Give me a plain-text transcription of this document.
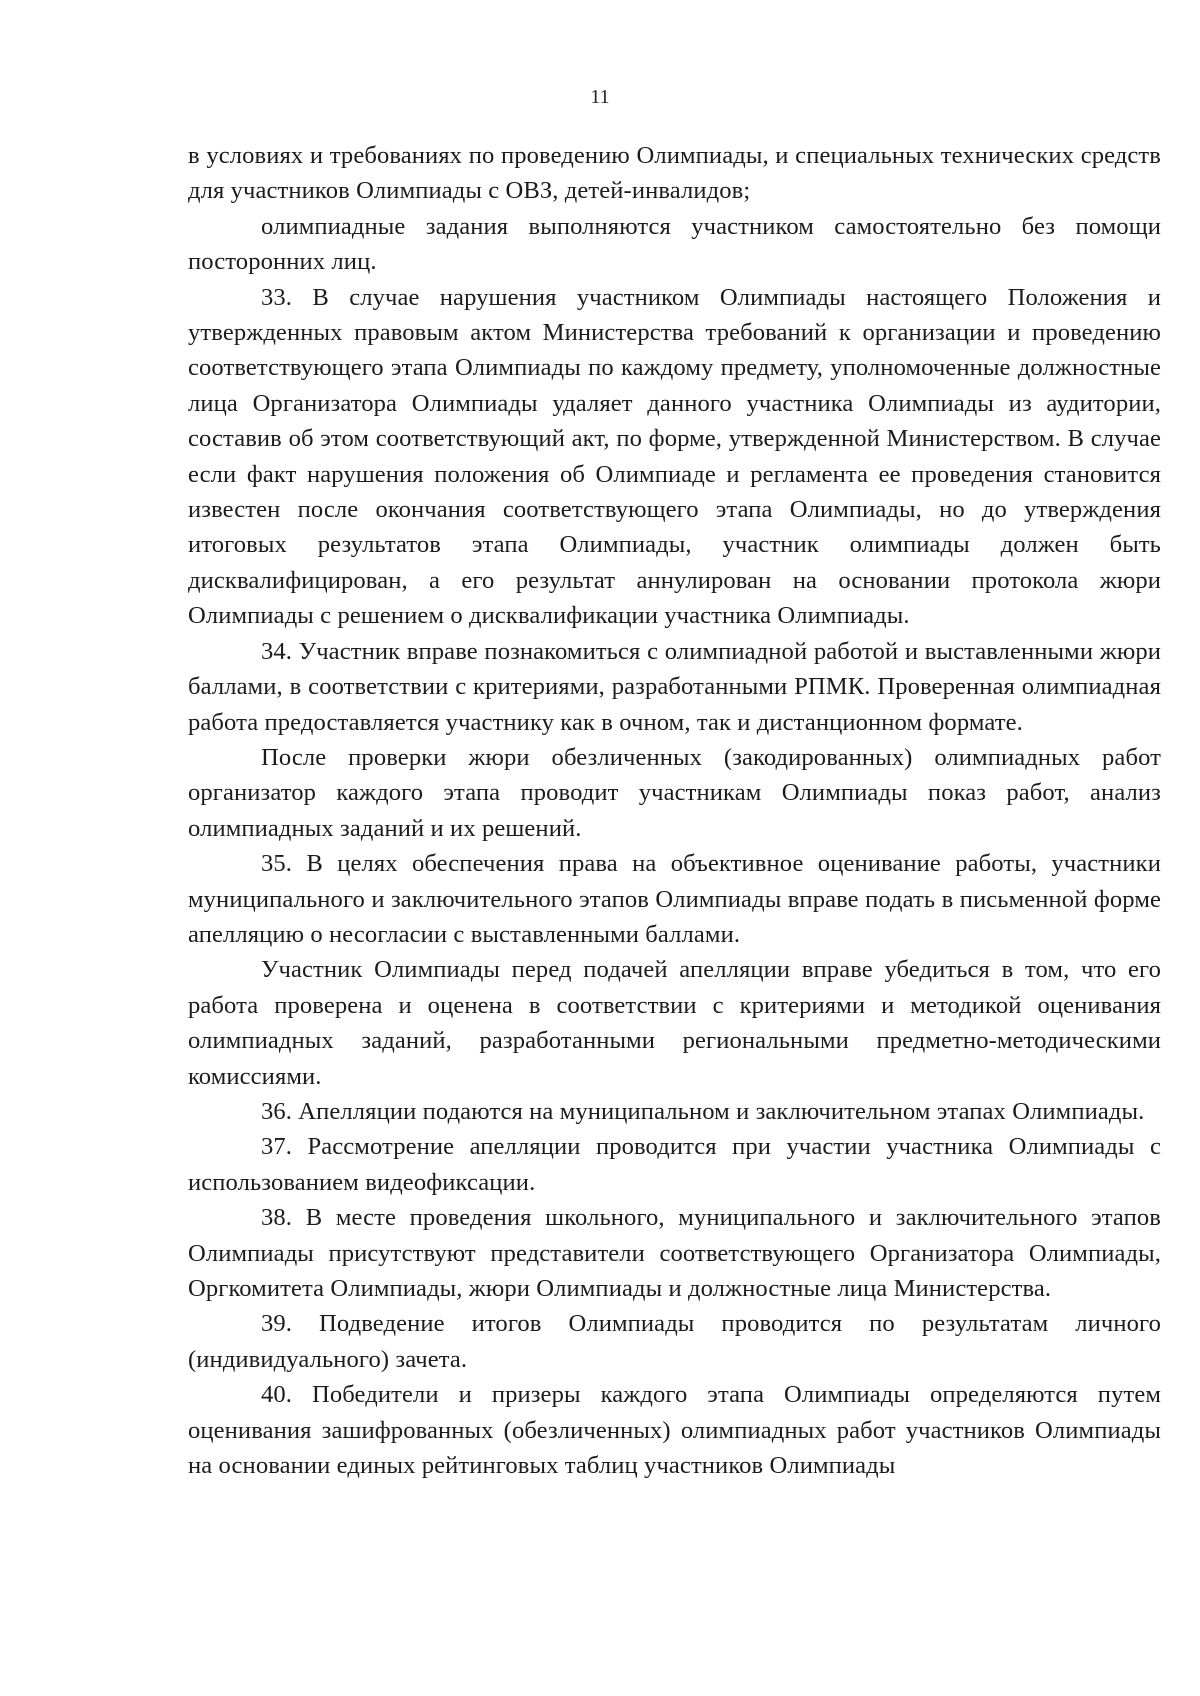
11

в условиях и требованиях по проведению Олимпиады, и специальных технических средств для участников Олимпиады с ОВЗ, детей-инвалидов;

олимпиадные задания выполняются участником самостоятельно без помощи посторонних лиц.

33. В случае нарушения участником Олимпиады настоящего Положения и утвержденных правовым актом Министерства требований к организации и проведению соответствующего этапа Олимпиады по каждому предмету, уполномоченные должностные лица Организатора Олимпиады удаляет данного участника Олимпиады из аудитории, составив об этом соответствующий акт, по форме, утвержденной Министерством. В случае если факт нарушения положения об Олимпиаде и регламента ее проведения становится известен после окончания соответствующего этапа Олимпиады, но до утверждения итоговых результатов этапа Олимпиады, участник олимпиады должен быть дисквалифицирован, а его результат аннулирован на основании протокола жюри Олимпиады с решением о дисквалификации участника Олимпиады.

34. Участник вправе познакомиться с олимпиадной работой и выставленными жюри баллами, в соответствии с критериями, разработанными РПМК. Проверенная олимпиадная работа предоставляется участнику как в очном, так и дистанционном формате.

После проверки жюри обезличенных (закодированных) олимпиадных работ организатор каждого этапа проводит участникам Олимпиады показ работ, анализ олимпиадных заданий и их решений.

35. В целях обеспечения права на объективное оценивание работы, участники муниципального и заключительного этапов Олимпиады вправе подать в письменной форме апелляцию о несогласии с выставленными баллами.

Участник Олимпиады перед подачей апелляции вправе убедиться в том, что его работа проверена и оценена в соответствии с критериями и методикой оценивания олимпиадных заданий, разработанными региональными предметно-методическими комиссиями.

36. Апелляции подаются на муниципальном и заключительном этапах Олимпиады.

37. Рассмотрение апелляции проводится при участии участника Олимпиады с использованием видеофиксации.

38. В месте проведения школьного, муниципального и заключительного этапов Олимпиады присутствуют представители соответствующего Организатора Олимпиады, Оргкомитета Олимпиады, жюри Олимпиады и должностные лица Министерства.

39. Подведение итогов Олимпиады проводится по результатам личного (индивидуального) зачета.

40. Победители и призеры каждого этапа Олимпиады определяются путем оценивания зашифрованных (обезличенных) олимпиадных работ участников Олимпиады на основании единых рейтинговых таблиц участников Олимпиады
